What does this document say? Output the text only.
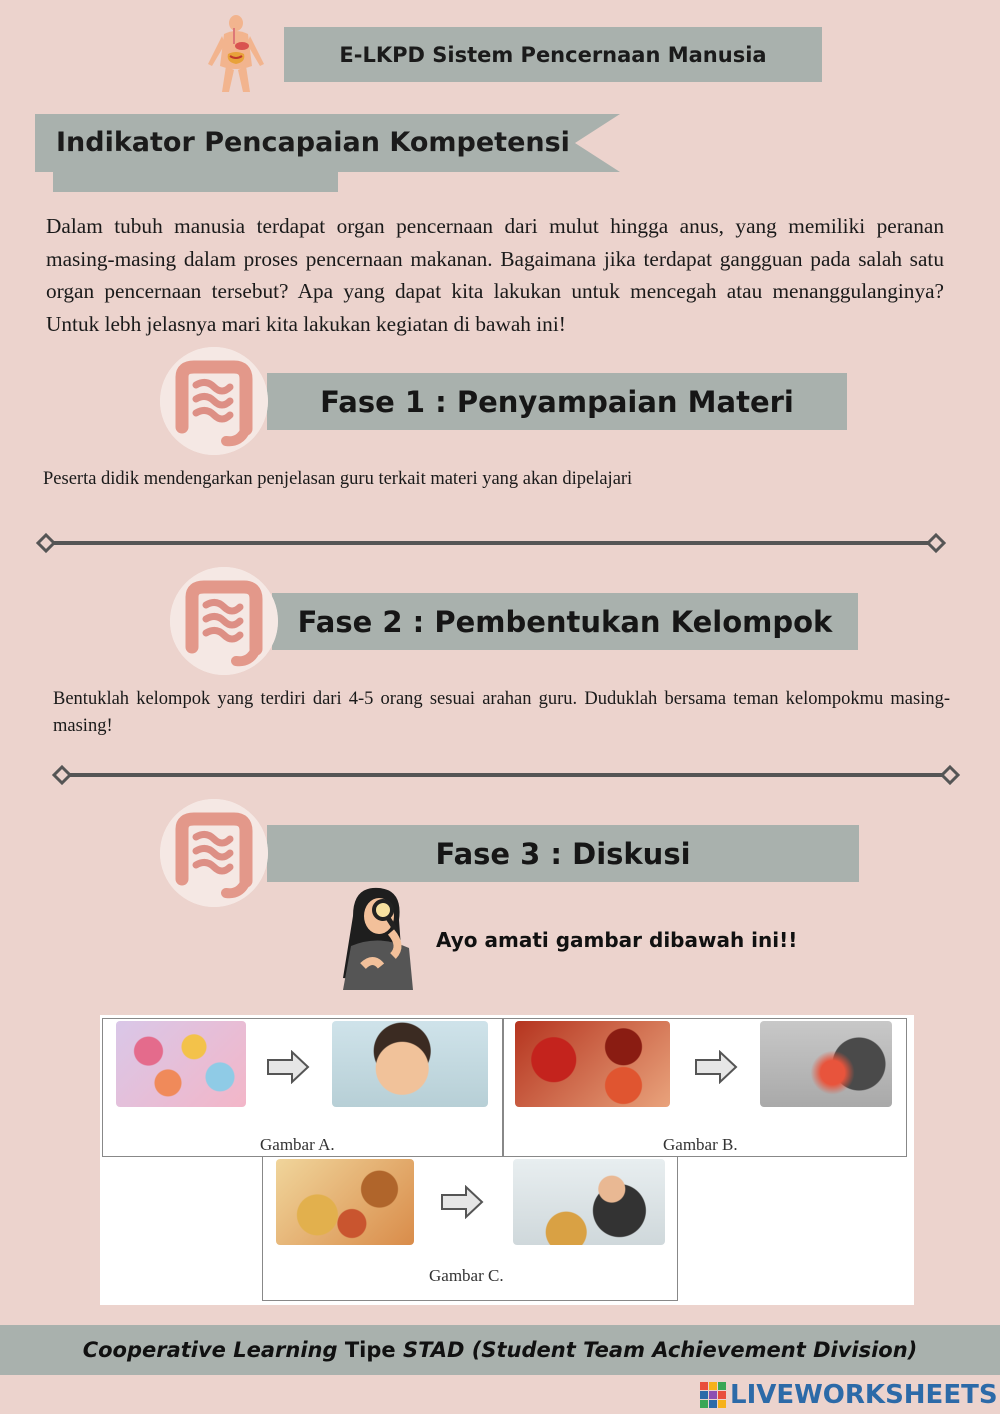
E-LKPD Sistem Pencernaan Manusia
Indikator Pencapaian Kompetensi
Dalam tubuh manusia terdapat organ pencernaan dari mulut hingga anus, yang memiliki peranan masing-masing dalam proses pencernaan makanan. Bagaimana jika terdapat gangguan pada salah satu organ pencernaan tersebut? Apa yang dapat kita lakukan untuk mencegah atau menanggulanginya? Untuk lebh jelasnya mari kita lakukan kegiatan di bawah ini!
Fase 1 : Penyampaian Materi
Peserta didik mendengarkan penjelasan guru terkait materi yang akan dipelajari
Fase 2 : Pembentukan Kelompok
Bentuklah kelompok yang terdiri dari 4-5 orang sesuai arahan guru. Duduklah bersama teman kelompokmu masing-masing!
Fase 3 : Diskusi
Ayo amati gambar dibawah ini!!
Gambar A.	Gambar B.
Gambar C.
Cooperative Learning
Tipe
STAD (Student Team Achievement Division)
LIVEWORKSHEETS
